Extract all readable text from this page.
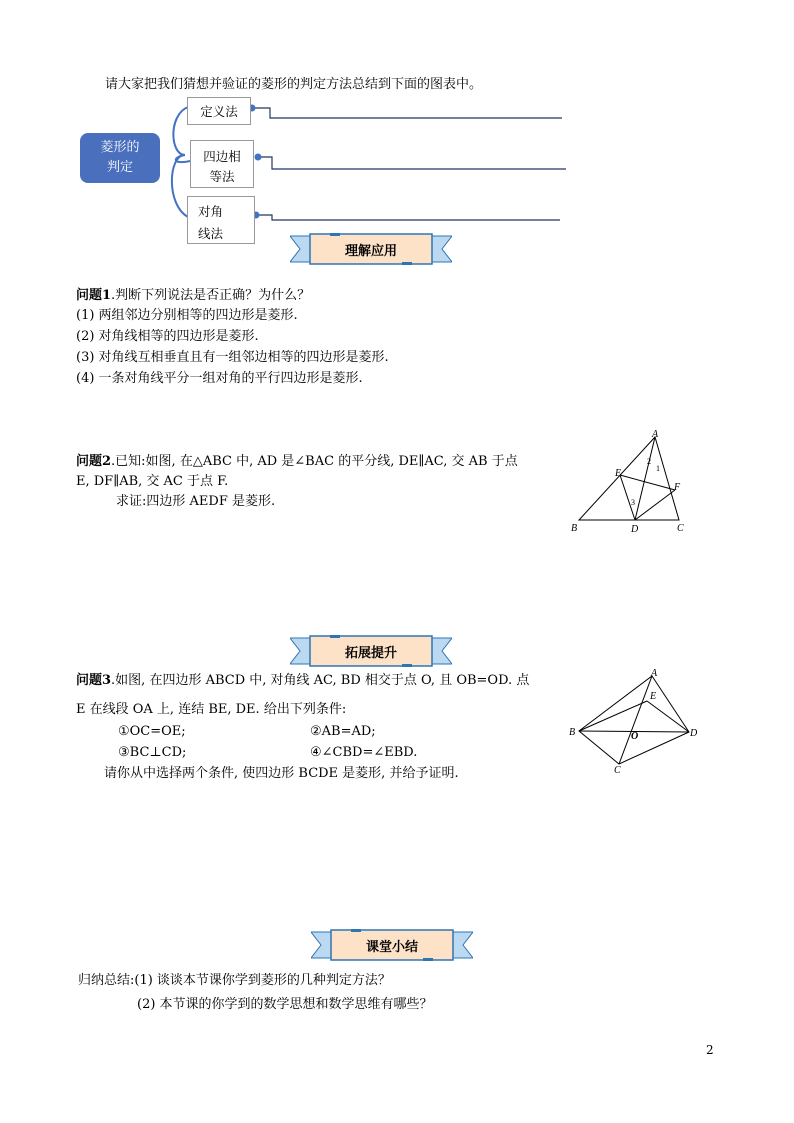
请大家把我们猜想并验证的菱形的判定方法总结到下面的图表中。
菱形的
判定
定义法
四边相
等法
对角
线法
理解应用
问题1.判断下列说法是否正确？为什么？
(1) 两组邻边分别相等的四边形是菱形.
(2) 对角线相等的四边形是菱形.
(3) 对角线互相垂直且有一组邻边相等的四边形是菱形.
(4) 一条对角线平分一组对角的平行四边形是菱形.
问题2.已知:如图, 在△ABC 中, AD 是∠BAC 的平分线, DE∥AC, 交 AB 于点
E, DF∥AB, 交 AC 于点 F.
求证:四边形 AEDF 是菱形.
A
E
F
B	D	C
1
2
3
拓展提升
问题3.如图, 在四边形 ABCD 中, 对角线 AC, BD 相交于点 O, 且 OB=OD. 点
E 在线段 OA 上, 连结 BE, DE. 给出下列条件:
①OC=OE;	②AB=AD;
③BC⊥CD;	④∠CBD=∠EBD.
请你从中选择两个条件, 使四边形 BCDE 是菱形, 并给予证明.
A
E
B	O	D
C
课堂小结
归纳总结:(1) 谈谈本节课你学到菱形的几种判定方法？
(2) 本节课的你学到的数学思想和数学思维有哪些？
2
